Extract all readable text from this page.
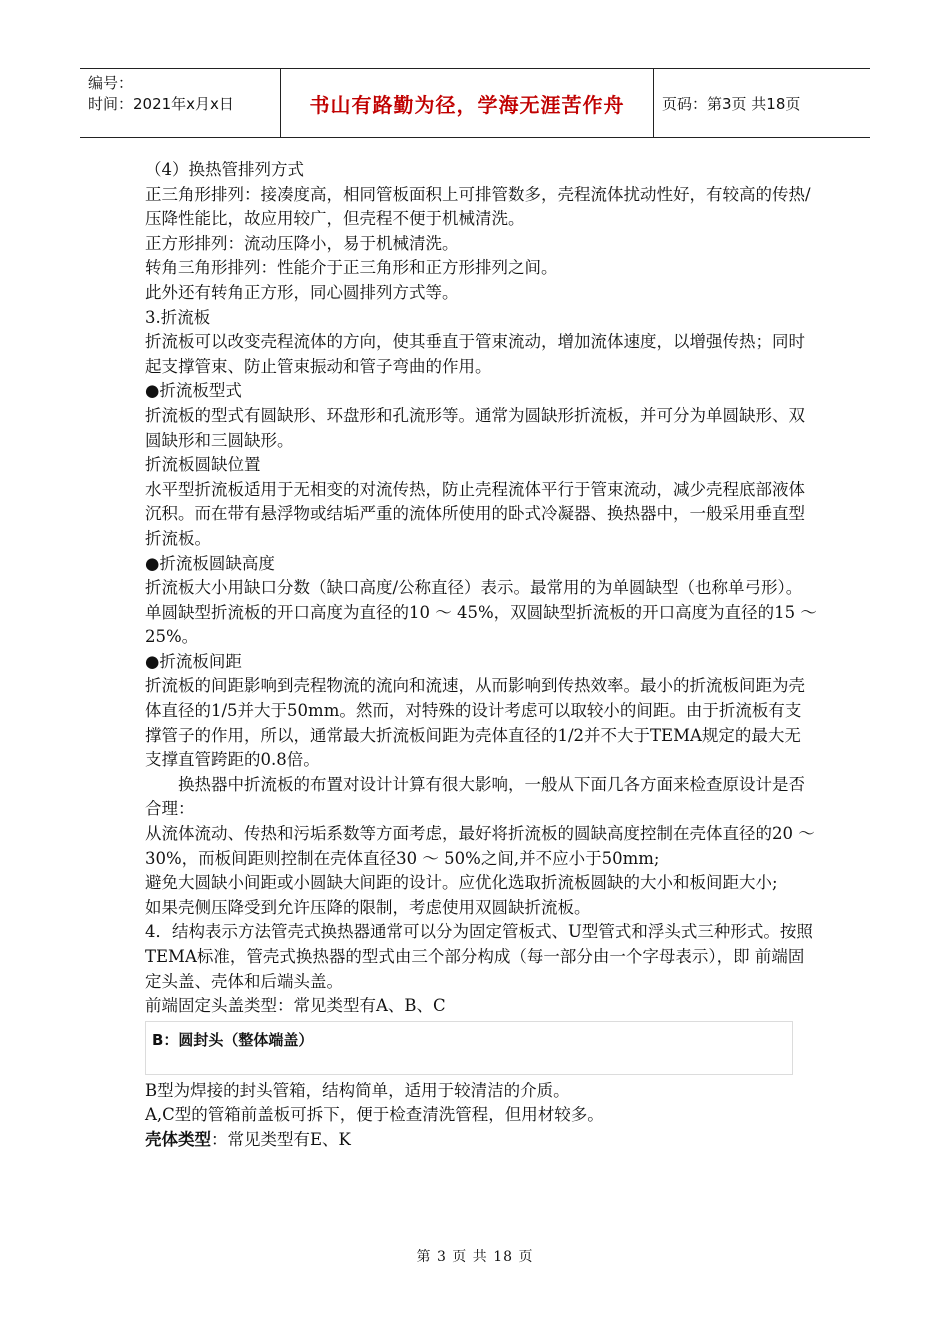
编号：
时间：2021年x月x日	书山有路勤为径，学海无涯苦作舟	页码：第3页 共18页

（4）换热管排列方式

正三角形排列：接凑度高，相同管板面积上可排管数多，壳程流体扰动性好，有较高的传热/压降性能比，故应用较广，但壳程不便于机械清洗。

正方形排列：流动压降小，易于机械清洗。

转角三角形排列：性能介于正三角形和正方形排列之间。

此外还有转角正方形，同心圆排列方式等。

3.折流板

折流板可以改变壳程流体的方向，使其垂直于管束流动，增加流体速度，以增强传热；同时起支撑管束、防止管束振动和管子弯曲的作用。

●折流板型式

折流板的型式有圆缺形、环盘形和孔流形等。通常为圆缺形折流板，并可分为单圆缺形、双圆缺形和三圆缺形。

折流板圆缺位置

水平型折流板适用于无相变的对流传热，防止壳程流体平行于管束流动，减少壳程底部液体沉积。而在带有悬浮物或结垢严重的流体所使用的卧式冷凝器、换热器中，一般采用垂直型折流板。

●折流板圆缺高度

折流板大小用缺口分数（缺口高度/公称直径）表示。最常用的为单圆缺型（也称单弓形）。单圆缺型折流板的开口高度为直径的10 ～ 45%，双圆缺型折流板的开口高度为直径的15 ～ 25%。

●折流板间距

折流板的间距影响到壳程物流的流向和流速，从而影响到传热效率。最小的折流板间距为壳体直径的1/5并大于50mm。然而，对特殊的设计考虑可以取较小的间距。由于折流板有支撑管子的作用，所以，通常最大折流板间距为壳体直径的1/2并不大于TEMA规定的最大无支撑直管跨距的0.8倍。

换热器中折流板的布置对设计计算有很大影响，一般从下面几各方面来检查原设计是否合理：

从流体流动、传热和污垢系数等方面考虑，最好将折流板的圆缺高度控制在壳体直径的20 ～ 30%，而板间距则控制在壳体直径30 ～ 50%之间,并不应小于50mm;

避免大圆缺小间距或小圆缺大间距的设计。应优化选取折流板圆缺的大小和板间距大小;

如果壳侧压降受到允许压降的限制，考虑使用双圆缺折流板。

4．结构表示方法管壳式换热器通常可以分为固定管板式、U型管式和浮头式三种形式。按照TEMA标准，管壳式换热器的型式由三个部分构成（每一部分由一个字母表示），即 前端固定头盖、壳体和后端头盖。

前端固定头盖类型：常见类型有A、B、C

B：圆封头（整体端盖）

B型为焊接的封头管箱，结构简单，适用于较清洁的介质。

A,C型的管箱前盖板可拆下，便于检查清洗管程，但用材较多。

壳体类型：常见类型有E、K

第 3 页 共 18 页
